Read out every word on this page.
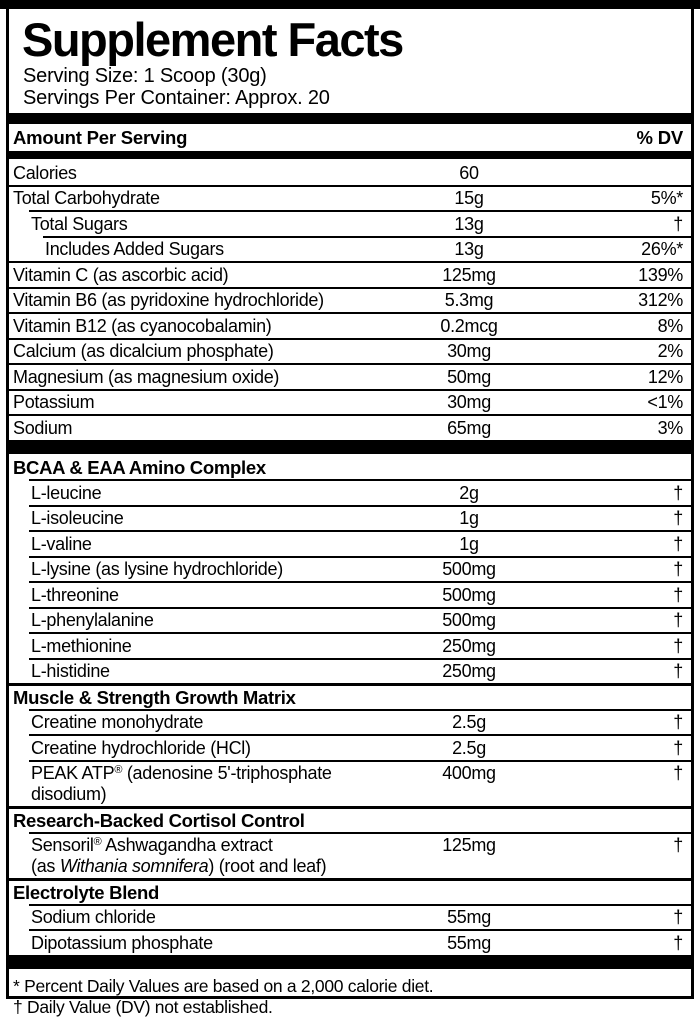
Supplement Facts
Serving Size: 1 Scoop (30g)
Servings Per Container: Approx. 20
Amount Per Serving	% DV
Calories	60
Total Carbohydrate	15g	5%*
Total Sugars	13g	†
Includes Added Sugars	13g	26%*
Vitamin C (as ascorbic acid)	125mg	139%
Vitamin B6 (as pyridoxine hydrochloride)	5.3mg	312%
Vitamin B12 (as cyanocobalamin)	0.2mcg	8%
Calcium (as dicalcium phosphate)	30mg	2%
Magnesium (as magnesium oxide)	50mg	12%
Potassium	30mg	<1%
Sodium	65mg	3%
BCAA & EAA Amino Complex
L-leucine	2g	†
L-isoleucine	1g	†
L-valine	1g	†
L-lysine (as lysine hydrochloride)	500mg	†
L-threonine	500mg	†
L-phenylalanine	500mg	†
L-methionine	250mg	†
L-histidine	250mg	†
Muscle & Strength Growth Matrix
Creatine monohydrate	2.5g	†
Creatine hydrochloride (HCl)	2.5g	†
PEAK ATP® (adenosine 5'-triphosphate disodium)
400mg	†
Research-Backed Cortisol Control
Sensoril® Ashwagandha extract
(as Withania somnifera) (root and leaf)
125mg	†
Electrolyte Blend
Sodium chloride	55mg	†
Dipotassium phosphate	55mg	†
* Percent Daily Values are based on a 2,000 calorie diet.
† Daily Value (DV) not established.
